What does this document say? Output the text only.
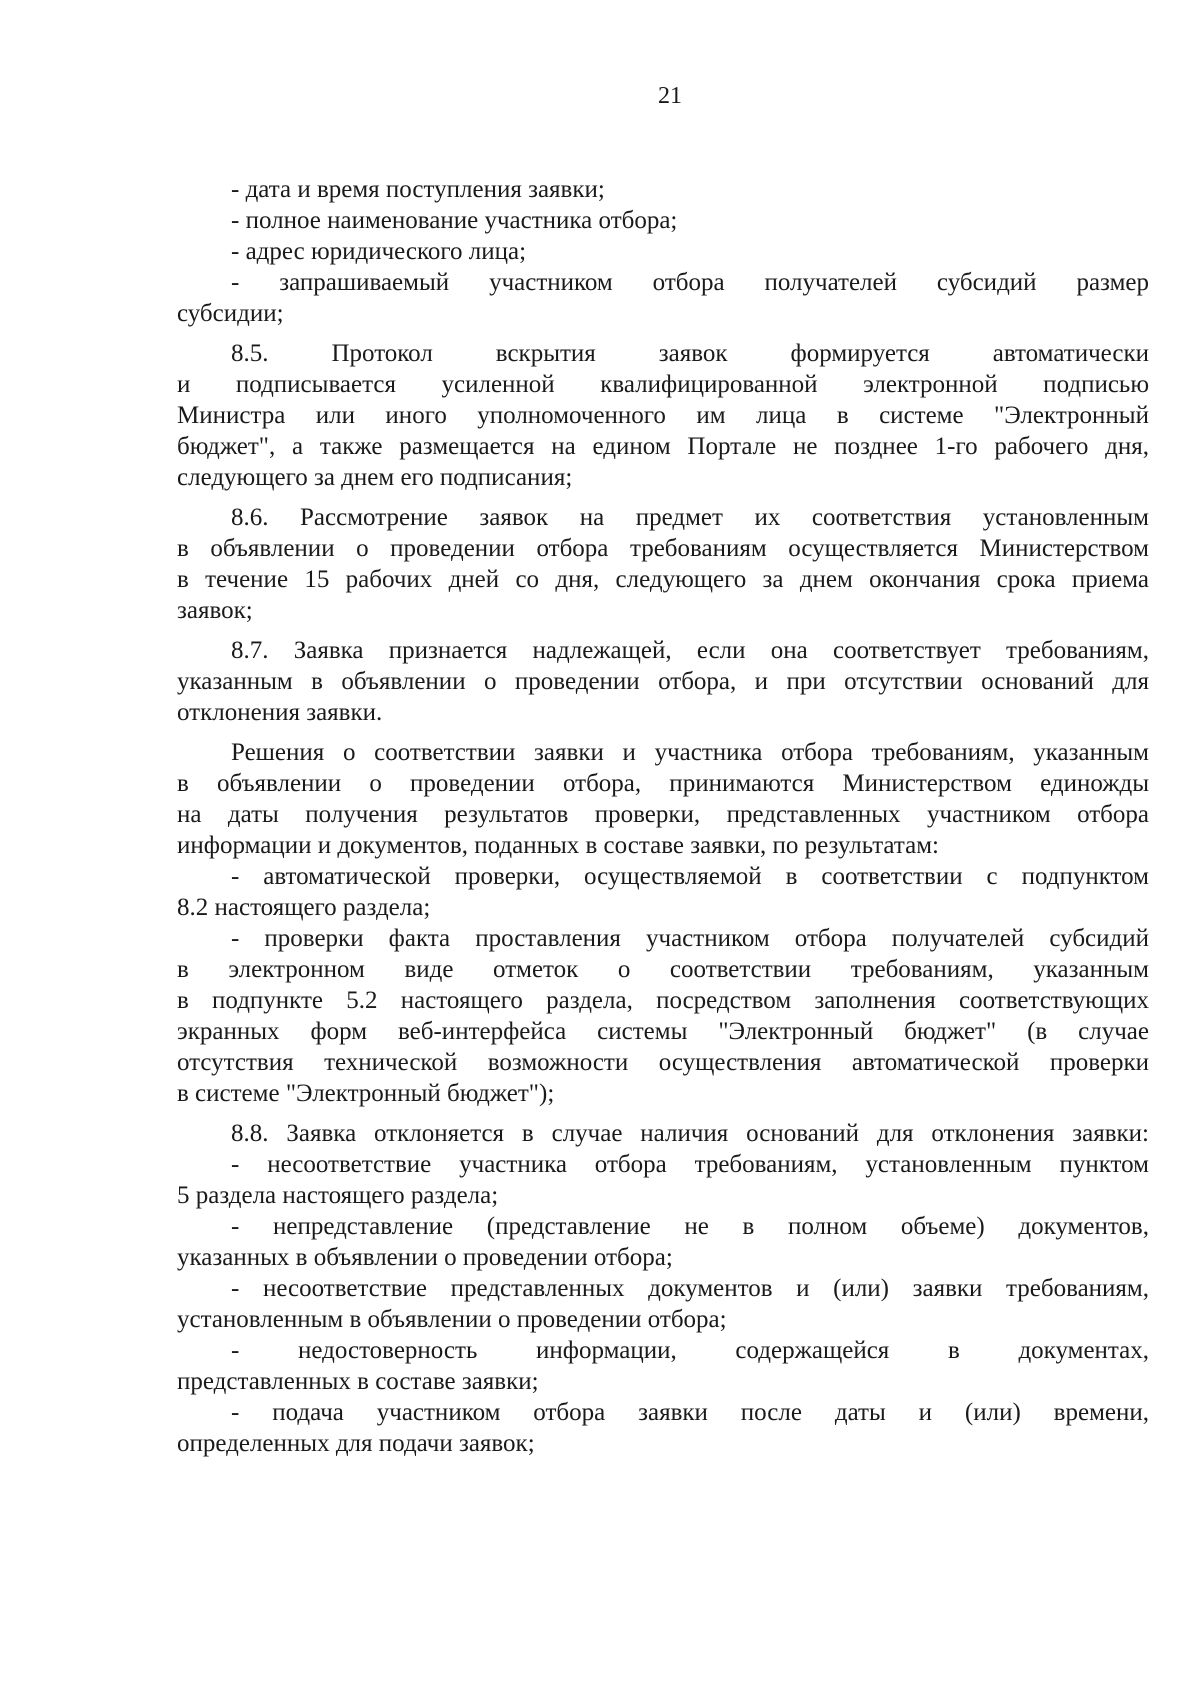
21
- дата и время поступления заявки;
- полное наименование участника отбора;
- адрес юридического лица;
- запрашиваемый участником отбора получателей субсидий размер
субсидии;
8.5. Протокол вскрытия заявок формируется автоматически
и подписывается усиленной квалифицированной электронной подписью
Министра или иного уполномоченного им лица в системе "Электронный
бюджет", а также размещается на едином Портале не позднее 1-го рабочего дня,
следующего за днем его подписания;
8.6. Рассмотрение заявок на предмет их соответствия установленным
в объявлении о проведении отбора требованиям осуществляется Министерством
в течение 15 рабочих дней со дня, следующего за днем окончания срока приема
заявок;
8.7. Заявка признается надлежащей, если она соответствует требованиям,
указанным в объявлении о проведении отбора, и при отсутствии оснований для
отклонения заявки.
Решения о соответствии заявки и участника отбора требованиям, указанным
в объявлении о проведении отбора, принимаются Министерством единожды
на даты получения результатов проверки, представленных участником отбора
информации и документов, поданных в составе заявки, по результатам:
- автоматической проверки, осуществляемой в соответствии с подпунктом
8.2 настоящего раздела;
- проверки факта проставления участником отбора получателей субсидий
в электронном виде отметок о соответствии требованиям, указанным
в подпункте 5.2 настоящего раздела, посредством заполнения соответствующих
экранных форм веб-интерфейса системы "Электронный бюджет" (в случае
отсутствия технической возможности осуществления автоматической проверки
в системе "Электронный бюджет");
8.8. Заявка отклоняется в случае наличия оснований для отклонения заявки:
- несоответствие участника отбора требованиям, установленным пунктом
5 раздела настоящего раздела;
- непредставление (представление не в полном объеме) документов,
указанных в объявлении о проведении отбора;
- несоответствие представленных документов и (или) заявки требованиям,
установленным в объявлении о проведении отбора;
- недостоверность информации, содержащейся в документах,
представленных в составе заявки;
- подача участником отбора заявки после даты и (или) времени,
определенных для подачи заявок;
